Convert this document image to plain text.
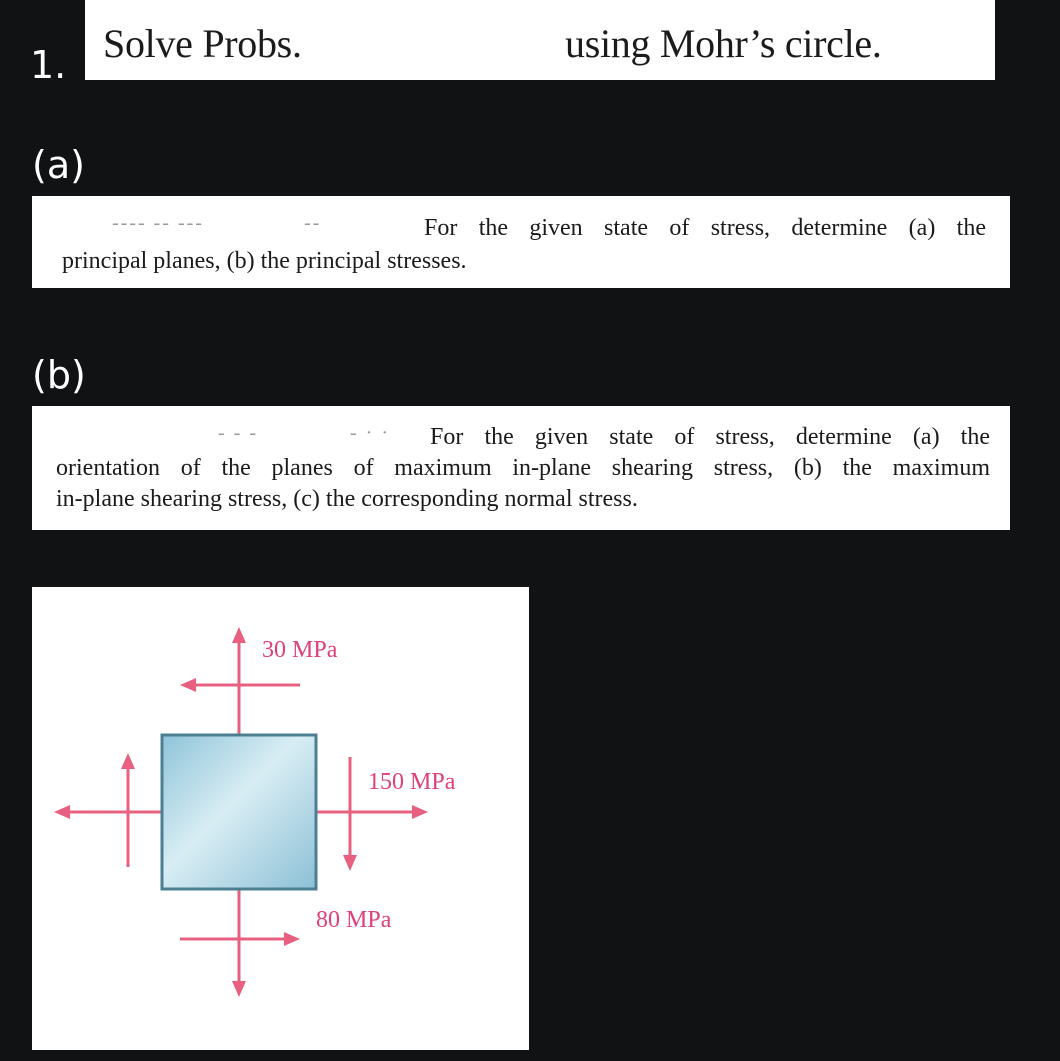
1.
(a)
(b)
Solve Probs.	using Mohr’s circle.
---- -- ---	--	For the given state of stress, determine (a) the
principal planes, (b) the principal stresses.
- - -	- · · For the given state of stress, determine (a) the
orientation of the planes of maximum in-plane shearing stress, (b) the maximum
in-plane shearing stress, (c) the corresponding normal stress.
30 MPa
150 MPa
80 MPa
